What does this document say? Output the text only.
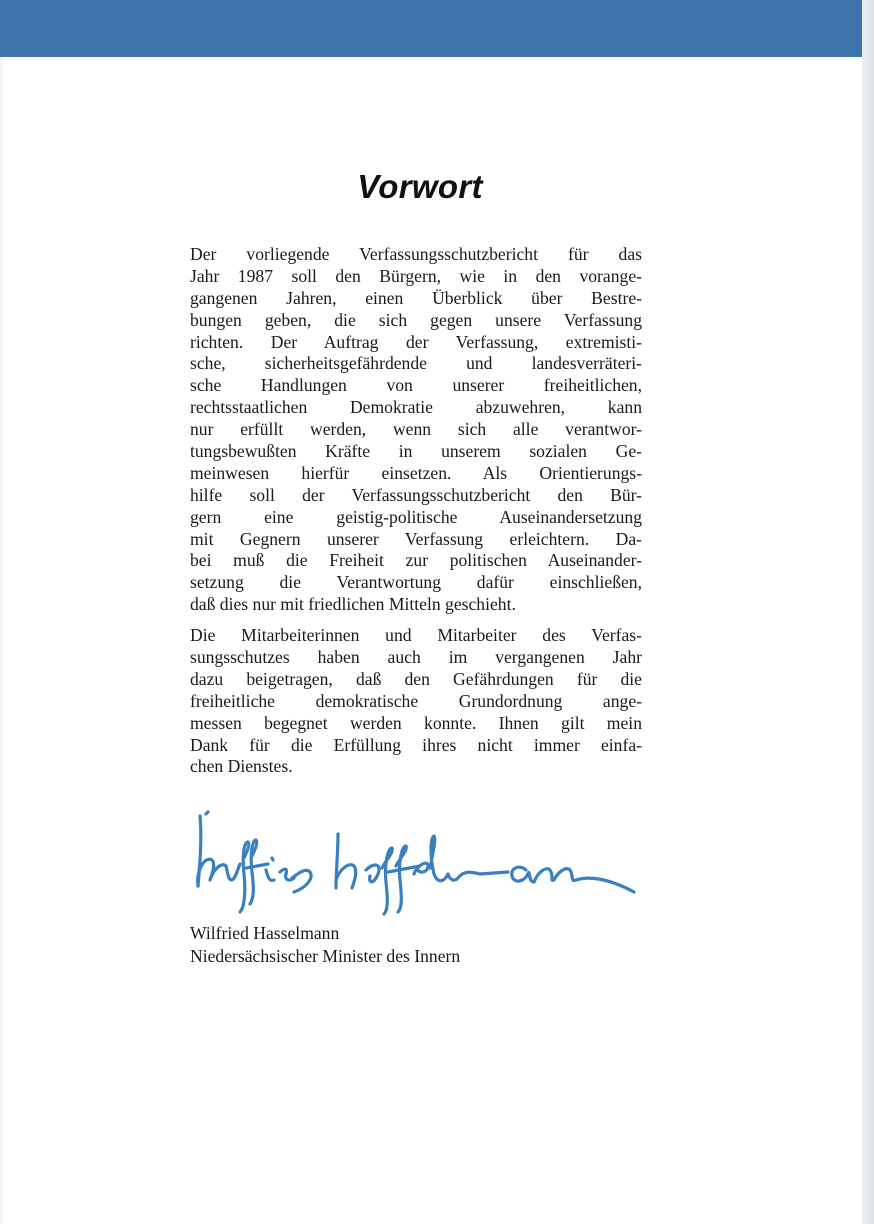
Vorwort
Der vorliegende Verfassungsschutzbericht für das
Jahr 1987 soll den Bürgern, wie in den vorange-
gangenen Jahren, einen Überblick über Bestre-
bungen geben, die sich gegen unsere Verfassung
richten. Der Auftrag der Verfassung, extremisti-
sche, sicherheitsgefährdende und landesverräteri-
sche Handlungen von unserer freiheitlichen,
rechtsstaatlichen Demokratie abzuwehren, kann
nur erfüllt werden, wenn sich alle verantwor-
tungsbewußten Kräfte in unserem sozialen Ge-
meinwesen hierfür einsetzen. Als Orientierungs-
hilfe soll der Verfassungsschutzbericht den Bür-
gern eine geistig-politische Auseinandersetzung
mit Gegnern unserer Verfassung erleichtern. Da-
bei muß die Freiheit zur politischen Auseinander-
setzung die Verantwortung dafür einschließen,
daß dies nur mit friedlichen Mitteln geschieht.
Die Mitarbeiterinnen und Mitarbeiter des Verfas-
sungsschutzes haben auch im vergangenen Jahr
dazu beigetragen, daß den Gefährdungen für die
freiheitliche demokratische Grundordnung ange-
messen begegnet werden konnte. Ihnen gilt mein
Dank für die Erfüllung ihres nicht immer einfa-
chen Dienstes.
Wilfried Hasselmann
Niedersächsischer Minister des Innern
